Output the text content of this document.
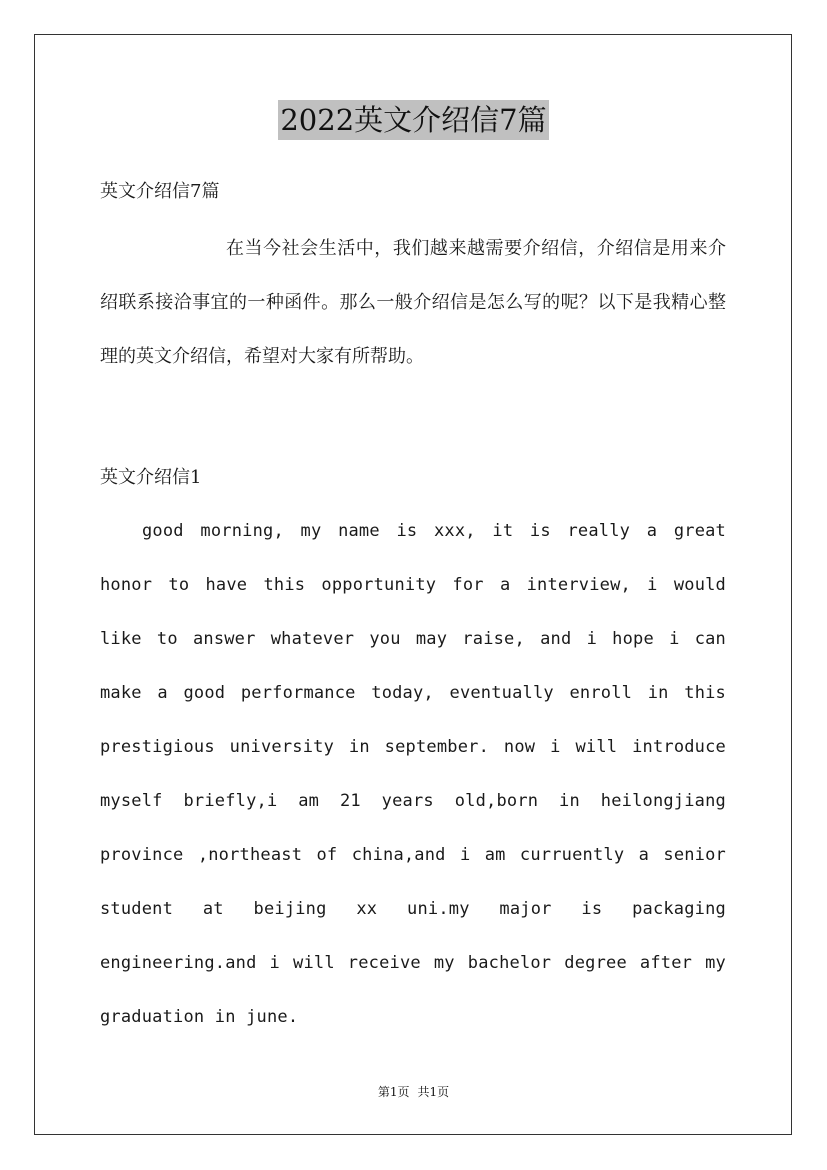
2022英文介绍信7篇

英文介绍信7篇

在当今社会生活中，我们越来越需要介绍信，介绍信是用来介绍联系接洽事宜的一种函件。那么一般介绍信是怎么写的呢？以下是我精心整理的英文介绍信，希望对大家有所帮助。

英文介绍信1

good morning, my name is xxx, it is really a great honor to have this opportunity for a interview, i would like to answer whatever you may raise, and i hope i can make a good performance today, eventually enroll in this prestigious university in september. now i will introduce myself briefly,i am 21 years old,born in heilongjiang province ,northeast of china,and i am curruently a senior student at beijing xx uni.my major is packaging engineering.and i will receive my bachelor degree after my graduation in june.

第1页 共1页
